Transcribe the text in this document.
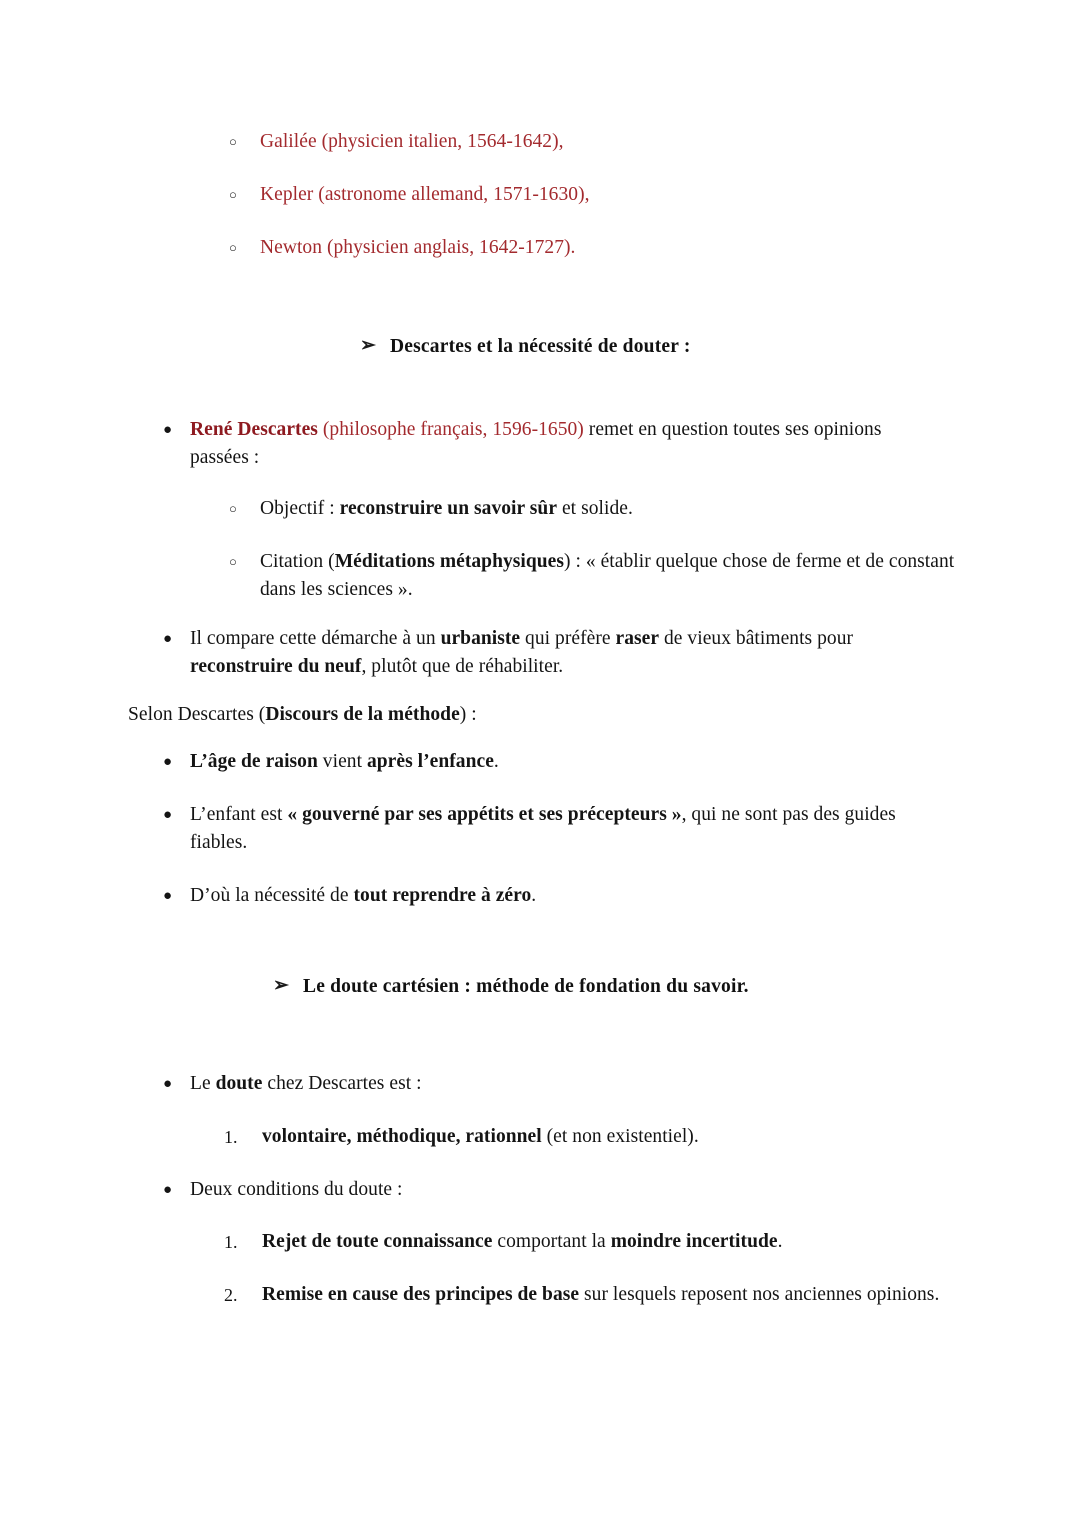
○
Galilée (physicien italien, 1564-1642),
○
Kepler (astronome allemand, 1571-1630),
○
Newton (physicien anglais, 1642-1727).
➢ Descartes et la nécessité de douter :
●
René Descartes (philosophe français, 1596-1650) remet en question toutes ses opinions passées :
○
Objectif : reconstruire un savoir sûr et solide.
○
Citation (Méditations métaphysiques) : « établir quelque chose de ferme et de constant dans les sciences ».
●
Il compare cette démarche à un urbaniste qui préfère raser de vieux bâtiments pour reconstruire du neuf, plutôt que de réhabiliter.
Selon Descartes (Discours de la méthode) :
●
L’âge de raison vient après l’enfance.
●
L’enfant est « gouverné par ses appétits et ses précepteurs », qui ne sont pas des guides fiables.
●
D’où la nécessité de tout reprendre à zéro.
➢ Le doute cartésien : méthode de fondation du savoir.
●
Le doute chez Descartes est :
1.	volontaire, méthodique, rationnel (et non existentiel).
●
Deux conditions du doute :
1.	Rejet de toute connaissance comportant la moindre incertitude.
2.	Remise en cause des principes de base sur lesquels reposent nos anciennes opinions.
